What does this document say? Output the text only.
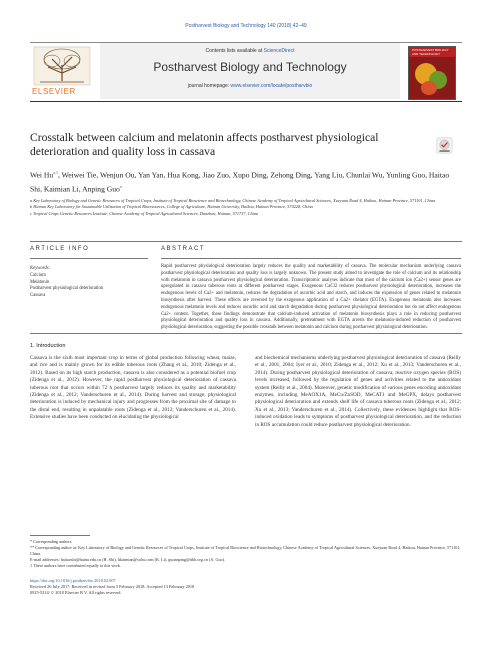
Postharvest Biology and Technology 140 (2018) 42–49
ELSEVIER
Contents lists available at ScienceDirect
Postharvest Biology and Technology
journal homepage: www.elsevier.com/locate/postharvbio
POSTHARVEST BIOLOGY AND TECHNOLOGY
Crosstalk between calcium and melatonin affects postharvest physiological deterioration and quality loss in cassava
Wei Hu$^{a,1}$, Weiwei Tie, Wenjun Ou, Yan Yan, Hua Kong, Jiao Zuo, Xupo Ding, Zehong Ding, Yang Liu, Chunlai Wu, Yunling Guo, Haitao Shi, Kaimian Li, Anping Guo$^a$
a Key Laboratory of Biology and Genetic Resources of Tropical Crops, Institute of Tropical Bioscience and Biotechnology, Chinese Academy of Tropical Agricultural Sciences, Xueyuan Road 4, Haikou, Hainan Province, 571101, China
b Hainan Key Laboratory for Sustainable Utilization of Tropical Bioresources, College of Agriculture, Hainan University, Haikou, Hainan Province, 570228, China
c Tropical Crops Genetic Resources Institute, Chinese Academy of Tropical Agricultural Sciences, Danzhou, Hainan, 571737, China
ARTICLE INFO	ABSTRACT
Keywords:
Calcium
Melatonin
Postharvest physiological deterioration
Cassava
Rapid postharvest physiological deterioration largely reduces the quality and marketability of cassava. The molecular mechanism underlying cassava postharvest physiological deterioration and quality loss is largely unknown. The present study aimed to investigate the role of calcium and its relationship with melatonin in cassava postharvest physiological deterioration. Transcriptomic analyses indicate that most of the calcium ion (Ca2+) sensor genes are upregulated in cassava tuberous roots at different postharvest stages. Exogenous CaCl2 reduces postharvest physiological deterioration, increases the endogenous levels of Ca2+ and melatonin, reduces the degradation of ascorbic acid and starch, and induces the expression of genes related to melatonin biosynthesis after harvest. These effects are reversed by the exogenous application of a Ca2+ chelator (EGTA). Exogenous melatonin also increases endogenous melatonin levels and reduces ascorbic acid and starch degradation during postharvest physiological deterioration but do not affect endogenous Ca2+ content. Together, these findings demonstrate that calcium-induced activation of melatonin biosynthesis plays a role in reducing postharvest physiological deterioration and quality loss in cassava. Additionally, pretreatment with EGTA arrests the melatonin-induced reduction of postharvest physiological deterioration, suggesting the possible crosstalk between melatonin and calcium during postharvest physiological deterioration.
1. Introduction
Cassava is the sixth most important crop in terms of global production following wheat, maize, and rice and is mainly grown for its edible tuberous roots (Zhang et al., 2010; Zidenga et al., 2012). Based on its high starch production, cassava is also considered as a potential biofuel crop (Zidenga et al., 2012). However, the rapid postharvest physiological deterioration of cassava tuberous root that occurs within 72 h postharvest largely reduces its quality and marketability (Zidenga et al., 2012; Vanderschuren et al., 2014). During harvest and storage, physiological deterioration is induced by mechanical injury and progresses from the proximal site of damage to the distal end, resulting in unpalatable roots (Zidenga et al., 2012; Vanderschuren et al., 2014). Extensive studies have been conducted on elucidating the physiological
and biochemical mechanisms underlying postharvest physiological deterioration of cassava (Reilly et al., 2001, 2004; Iyer et al., 2010; Zidenga et al., 2012; Xu et al., 2013; Vanderschuren et al., 2014). During postharvest physiological deterioration of cassava, reactive oxygen species (ROS) levels increased, followed by the regulation of genes and activities related to the antioxidant system (Reilly et al., 2004). Moreover, genetic modification of various genes encoding antioxidant enzymes, including MeAOX1A, MeCu/ZnSOD, MeCAT1 and MeGPX, delays postharvest physiological deterioration and extends shelf life of cassava tuberous roots (Zidenga et al., 2012; Xu et al., 2013; Vanderschuren et al., 2014). Collectively, these evidences highlight that ROS-induced oxidation leads to symptoms of postharvest physiological deterioration, and the reduction in ROS accumulation could reduce postharvest physiological deterioration.
* Corresponding authors.
** Corresponding author at: Key Laboratory of Biology and Genetic Resources of Tropical Crops, Institute of Tropical Bioscience and Biotechnology, Chinese Academy of Tropical Agricultural Sciences, Xueyuan Road 4, Haikou, Hainan Province, 571101, China.
E-mail addresses: haitaoshi@hainu.edu.cn (H. Shi), likaimian@sohu.com (K. Li), guoanping@itbb.org.cn (A. Guo).
1 These authors have contributed equally to this work.
https://doi.org/10.1016/j.postharvbio.2018.02.007
Received 26 July 2017; Received in revised form 5 February 2018; Accepted 13 February 2018
0925-5214/ © 2018 Elsevier B.V. All rights reserved.
